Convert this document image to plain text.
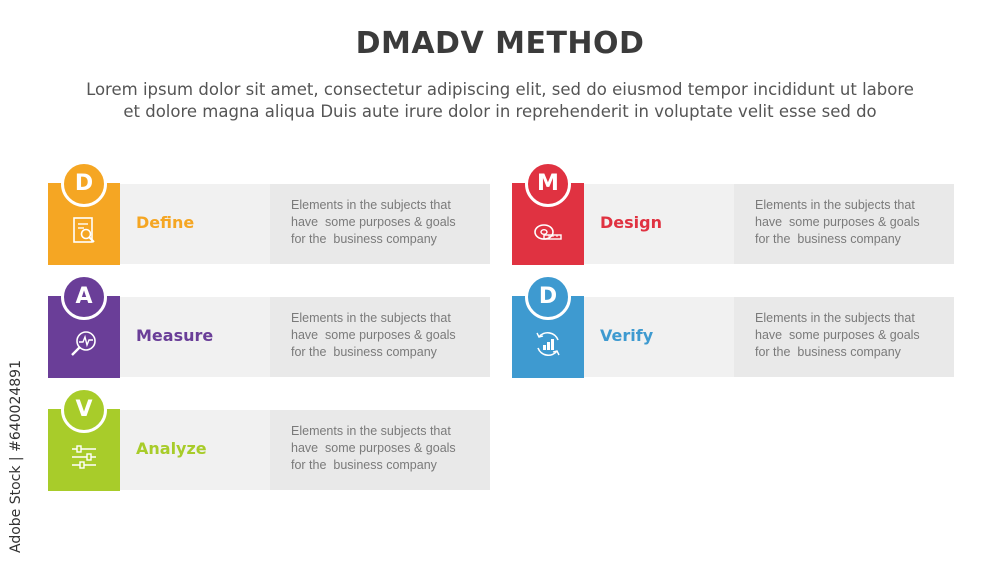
DMADV METHOD
Lorem ipsum dolor sit amet, consectetur adipiscing elit, sed do eiusmod tempor incididunt ut labore
et dolore magna aliqua Duis aute irure dolor in reprehenderit in voluptate velit esse sed do
Adobe Stock | #640024891
D
Define
Elements in the subjects that
have  some purposes & goals
for the  business company
A
Measure
Elements in the subjects that
have  some purposes & goals
for the  business company
V
Analyze
Elements in the subjects that
have  some purposes & goals
for the  business company
M
Design
Elements in the subjects that
have  some purposes & goals
for the  business company
D
Verify
Elements in the subjects that
have  some purposes & goals
for the  business company
